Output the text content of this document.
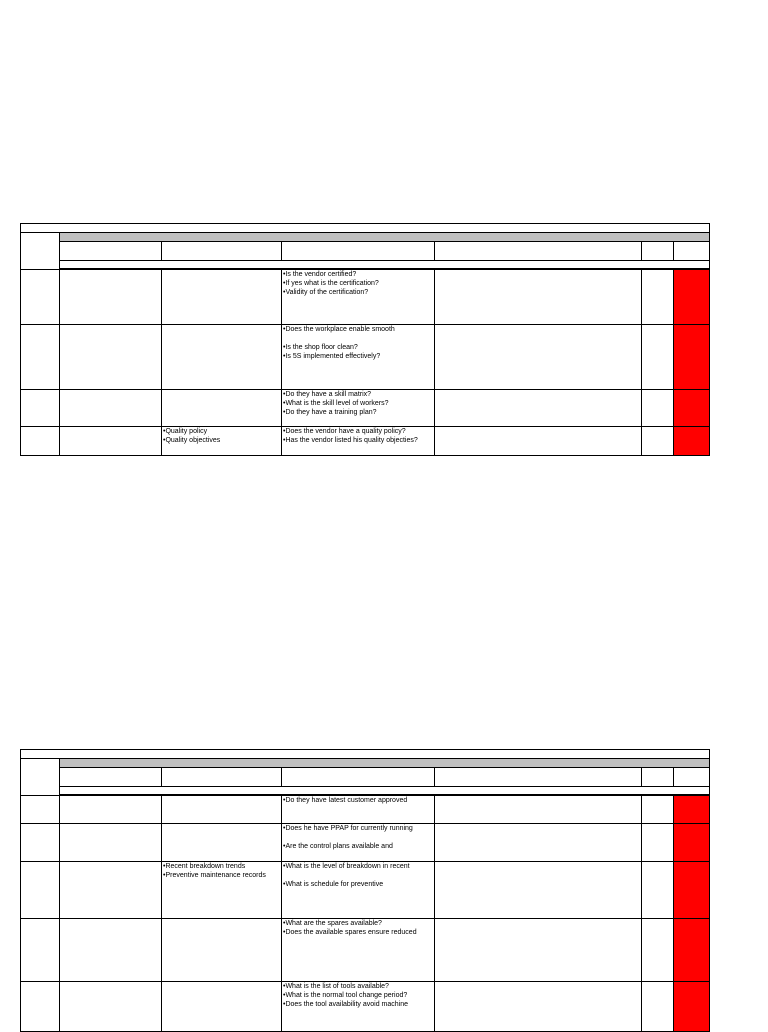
			•Is the vendor certified?
•If yes what is the certification?
•Validity of the certification?			

			•Does the workplace enable smooth

•Is the shop floor clean?
•Is 5S implemented effectively?			

			•Do they have a skill matrix?
•What is the skill level of workers?
•Do they have a training plan?			

		•Quality policy
•Quality objectives	•Does the vendor have a quality policy?
•Has the vendor listed his quality objecties?			

			•Do they have latest customer approved			

			•Does he have PPAP for currently running

•Are the control plans available and			

		•Recent breakdown trends
•Preventive maintenance records	•What is the level of breakdown in recent

•What is schedule for preventive			

			•What are the spares available?
•Does the available spares ensure reduced			

			•What is the list of tools available?
•What is the normal tool change period?
•Does the tool availability avoid machine			
